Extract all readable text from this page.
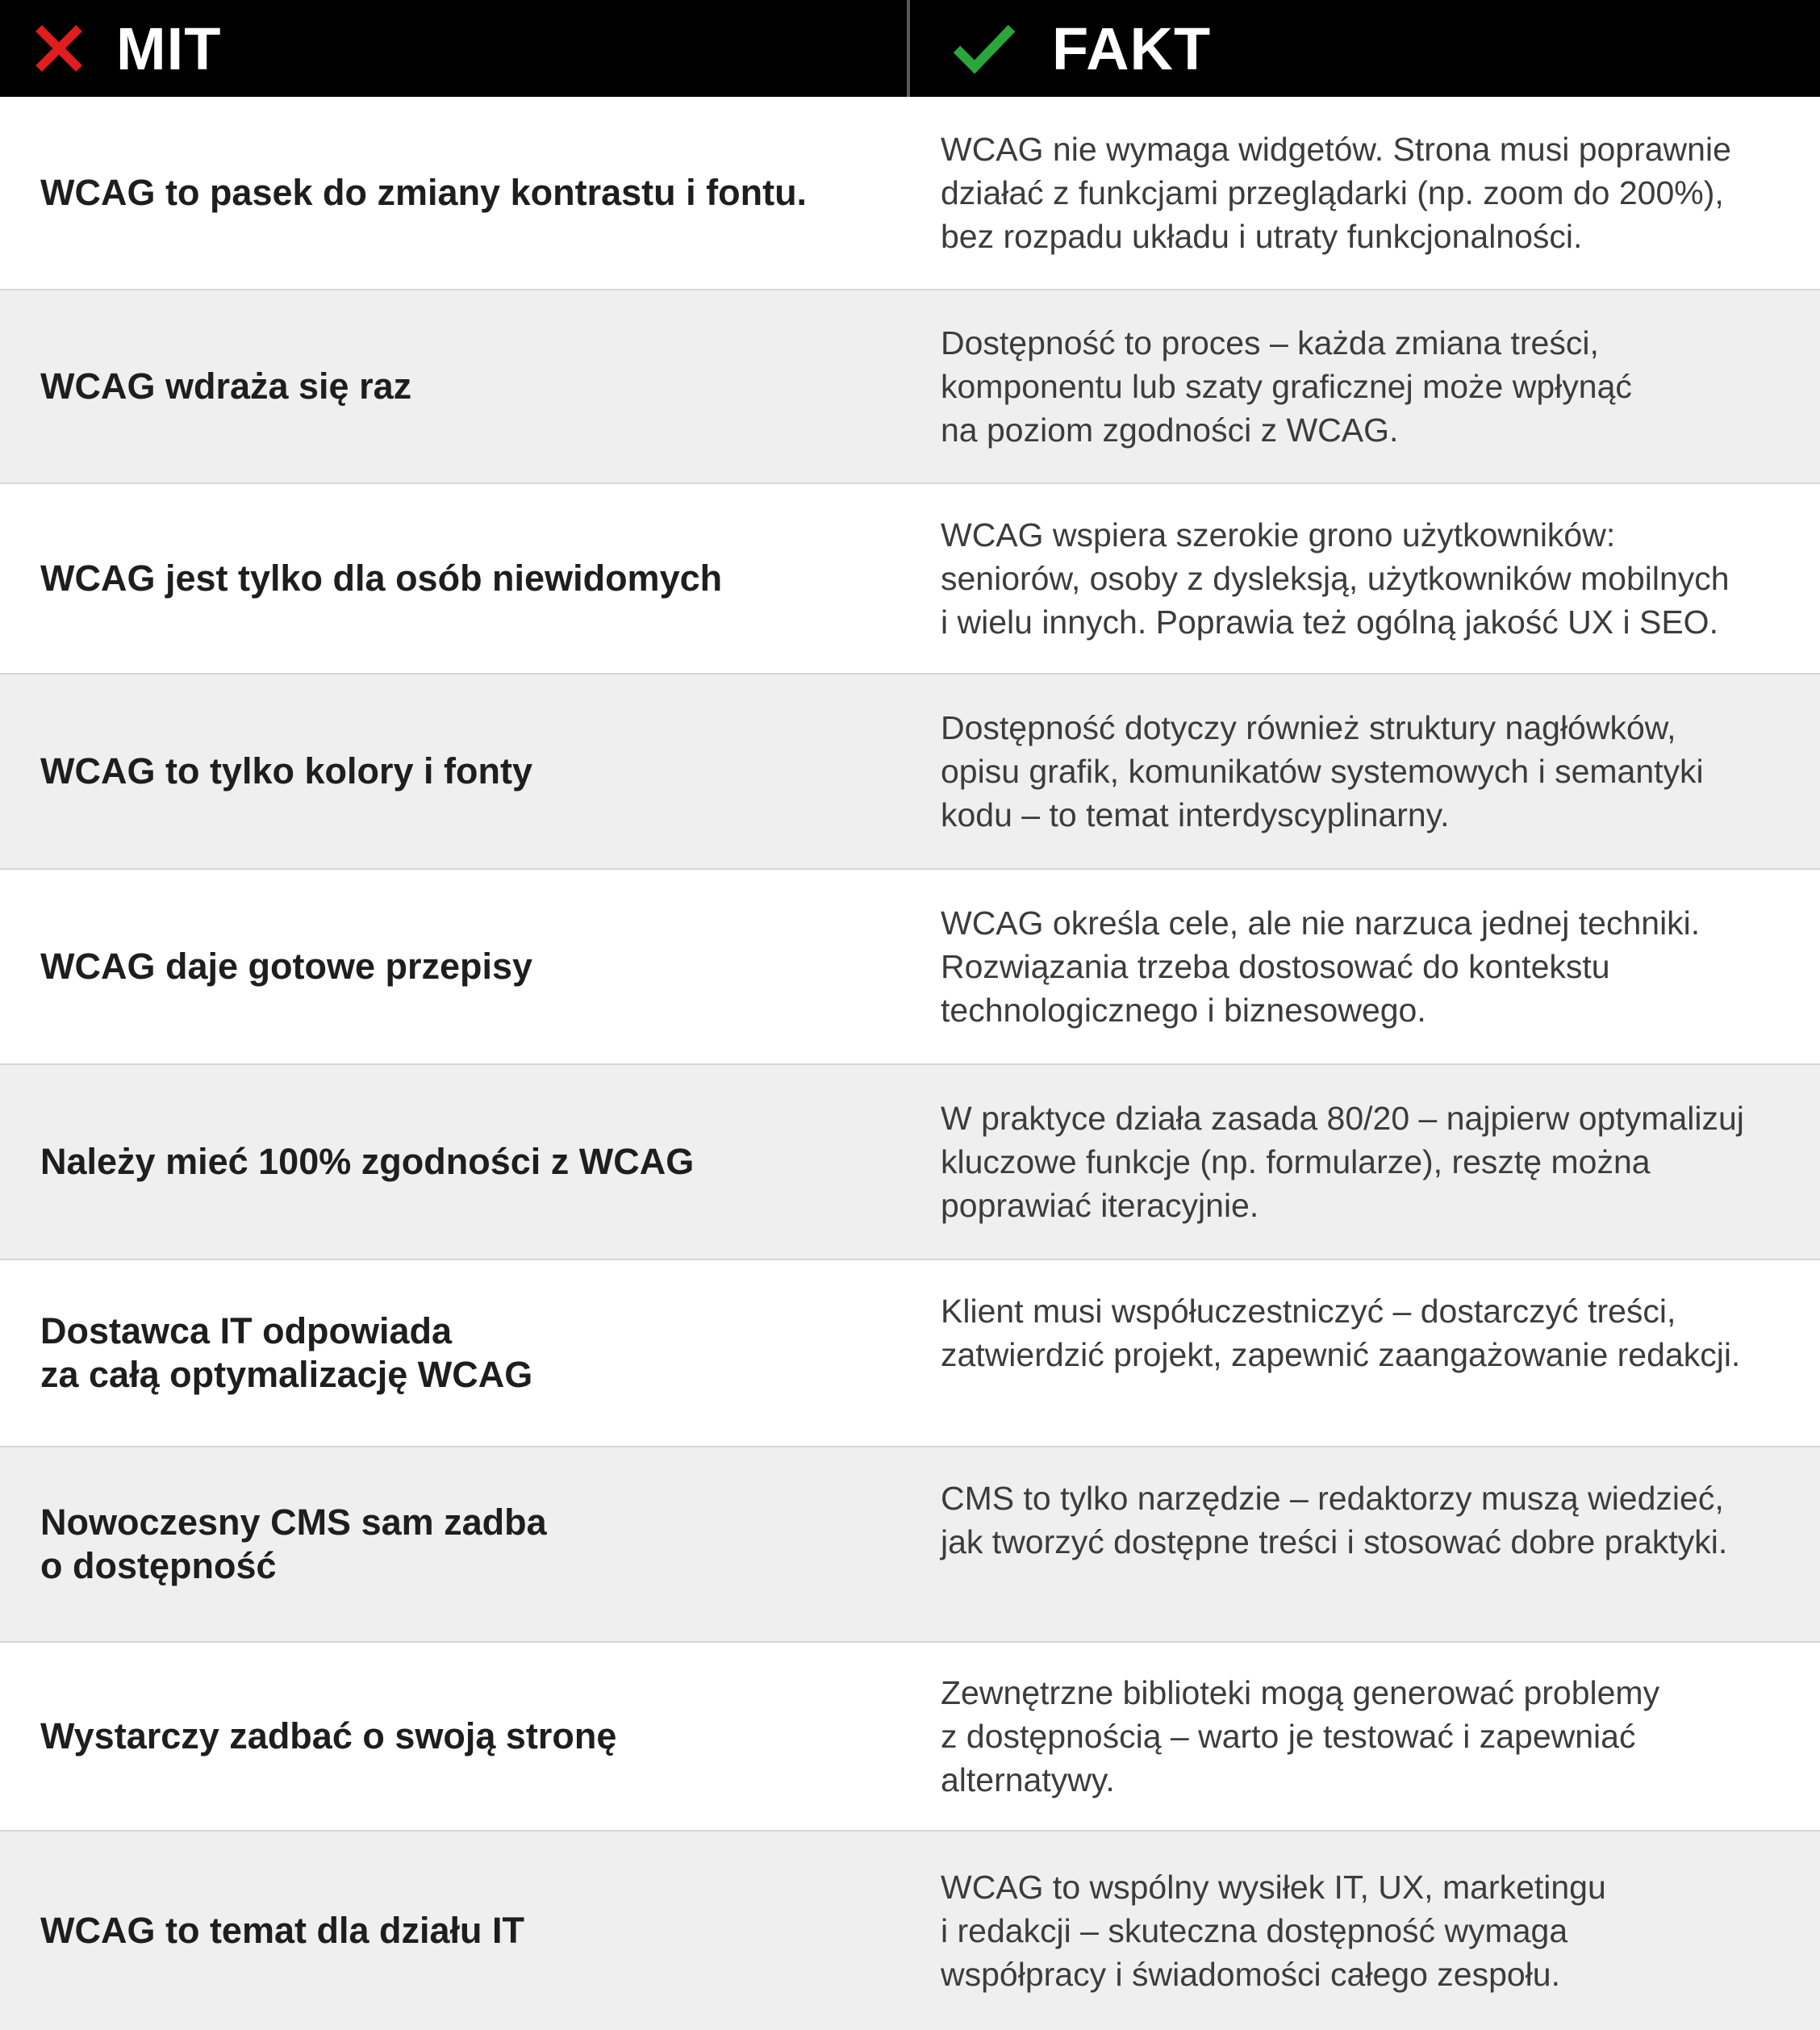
MIT	FAKT
WCAG to pasek do zmiany kontrastu i fontu.
WCAG nie wymaga widgetów. Strona musi poprawnie
działać z funkcjami przeglądarki (np. zoom do 200%),
bez rozpadu układu i utraty funkcjonalności.
WCAG wdraża się raz
Dostępność to proces – każda zmiana treści,
komponentu lub szaty graficznej może wpłynąć
na poziom zgodności z WCAG.
WCAG jest tylko dla osób niewidomych
WCAG wspiera szerokie grono użytkowników:
seniorów, osoby z dysleksją, użytkowników mobilnych
i wielu innych. Poprawia też ogólną jakość UX i SEO.
WCAG to tylko kolory i fonty
Dostępność dotyczy również struktury nagłówków,
opisu grafik, komunikatów systemowych i semantyki
kodu – to temat interdyscyplinarny.
WCAG daje gotowe przepisy
WCAG określa cele, ale nie narzuca jednej techniki.
Rozwiązania trzeba dostosować do kontekstu
technologicznego i biznesowego.
Należy mieć 100% zgodności z WCAG
W praktyce działa zasada 80/20 – najpierw optymalizuj
kluczowe funkcje (np. formularze), resztę można
poprawiać iteracyjnie.
Dostawca IT odpowiada
za całą optymalizację WCAG
Klient musi współuczestniczyć – dostarczyć treści,
zatwierdzić projekt, zapewnić zaangażowanie redakcji.
Nowoczesny CMS sam zadba
o dostępność
CMS to tylko narzędzie – redaktorzy muszą wiedzieć,
jak tworzyć dostępne treści i stosować dobre praktyki.
Wystarczy zadbać o swoją stronę
Zewnętrzne biblioteki mogą generować problemy
z dostępnością – warto je testować i zapewniać
alternatywy.
WCAG to temat dla działu IT
WCAG to wspólny wysiłek IT, UX, marketingu
i redakcji – skuteczna dostępność wymaga
współpracy i świadomości całego zespołu.
